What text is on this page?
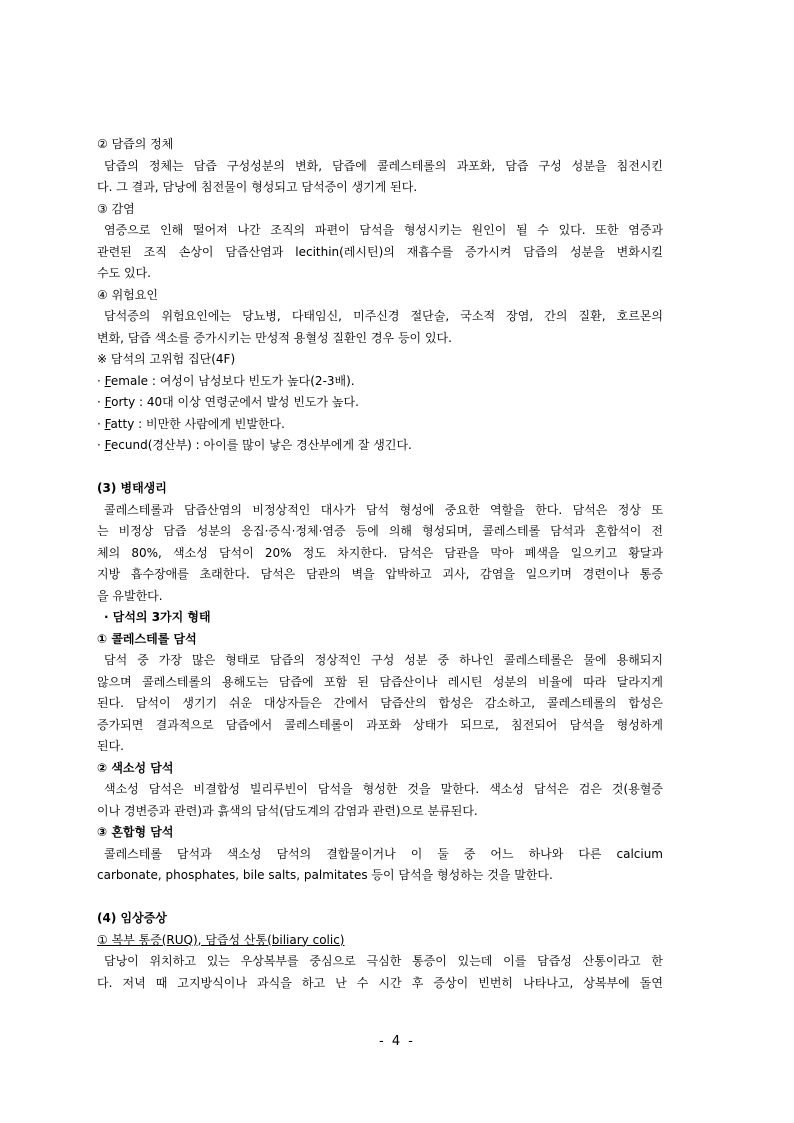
② 담즙의 정체
담즙의 정체는 담즙 구성성분의 변화, 담즙에 콜레스테롤의 과포화, 담즙 구성 성분을 침전시킨
다. 그 결과, 담낭에 침전물이 형성되고 담석증이 생기게 된다.
③ 감염
염증으로 인해 떨어져 나간 조직의 파편이 담석을 형성시키는 원인이 될 수 있다. 또한 염증과
관련된 조직 손상이 담즙산염과 lecithin(레시틴)의 재흡수를 증가시켜 담즙의 성분을 변화시킬
수도 있다.
④ 위험요인
담석증의 위험요인에는 당뇨병, 다태임신, 미주신경 절단술, 국소적 장염, 간의 질환, 호르몬의
변화, 담즙 색소를 증가시키는 만성적 용혈성 질환인 경우 등이 있다.
※ 담석의 고위험 집단(4F)
· Female : 여성이 남성보다 빈도가 높다(2-3배).
· Forty : 40대 이상 연령군에서 발성 빈도가 높다.
· Fatty : 비만한 사람에게 빈발한다.
· Fecund(경산부) : 아이를 많이 낳은 경산부에게 잘 생긴다.
(3) 병태생리
콜레스테롤과 담즙산염의 비정상적인 대사가 담석 형성에 중요한 역할을 한다. 담석은 정상 또
는 비정상 담즙 성분의 응집·증식·정체·염증 등에 의해 형성되며, 콜레스테롤 담석과 혼합석이 전
체의 80%, 색소성 담석이 20% 정도 차지한다. 담석은 담관을 막아 폐색을 일으키고 황달과
지방 흡수장애를 초래한다. 담석은 담관의 벽을 압박하고 괴사, 감염을 일으키며 경련이나 통증
을 유발한다.
· 담석의 3가지 형태
① 콜레스테롤 담석
담석 중 가장 많은 형태로 담즙의 정상적인 구성 성분 중 하나인 콜레스테롤은 물에 용해되지
않으며 콜레스테롤의 용해도는 담즙에 포함 된 담즙산이나 레시틴 성분의 비율에 따라 달라지게
된다. 담석이 생기기 쉬운 대상자들은 간에서 담즙산의 합성은 감소하고, 콜레스테롤의 합성은
증가되면 결과적으로 담즙에서 콜레스테롤이 과포화 상태가 되므로, 침전되어 담석을 형성하게
된다.
② 색소성 담석
색소성 담석은 비결합성 빌리루빈이 담석을 형성한 것을 말한다. 색소성 담석은 검은 것(용혈증
이나 경변증과 관련)과 흙색의 담석(담도계의 감염과 관련)으로 분류된다.
③ 혼합형 담석
콜레스테롤 담석과 색소성 담석의 결합물이거나 이 둘 중 어느 하나와 다른 calcium
carbonate, phosphates, bile salts, palmitates 등이 담석을 형성하는 것을 말한다.
(4) 임상증상
① 복부 통증(RUQ), 담즙성 산통(biliary colic)
담낭이 위치하고 있는 우상복부를 중심으로 극심한 통증이 있는데 이를 담즙성 산통이라고 한
다. 저녁 때 고지방식이나 과식을 하고 난 수 시간 후 증상이 빈번히 나타나고, 상복부에 돌연
- 4 -
